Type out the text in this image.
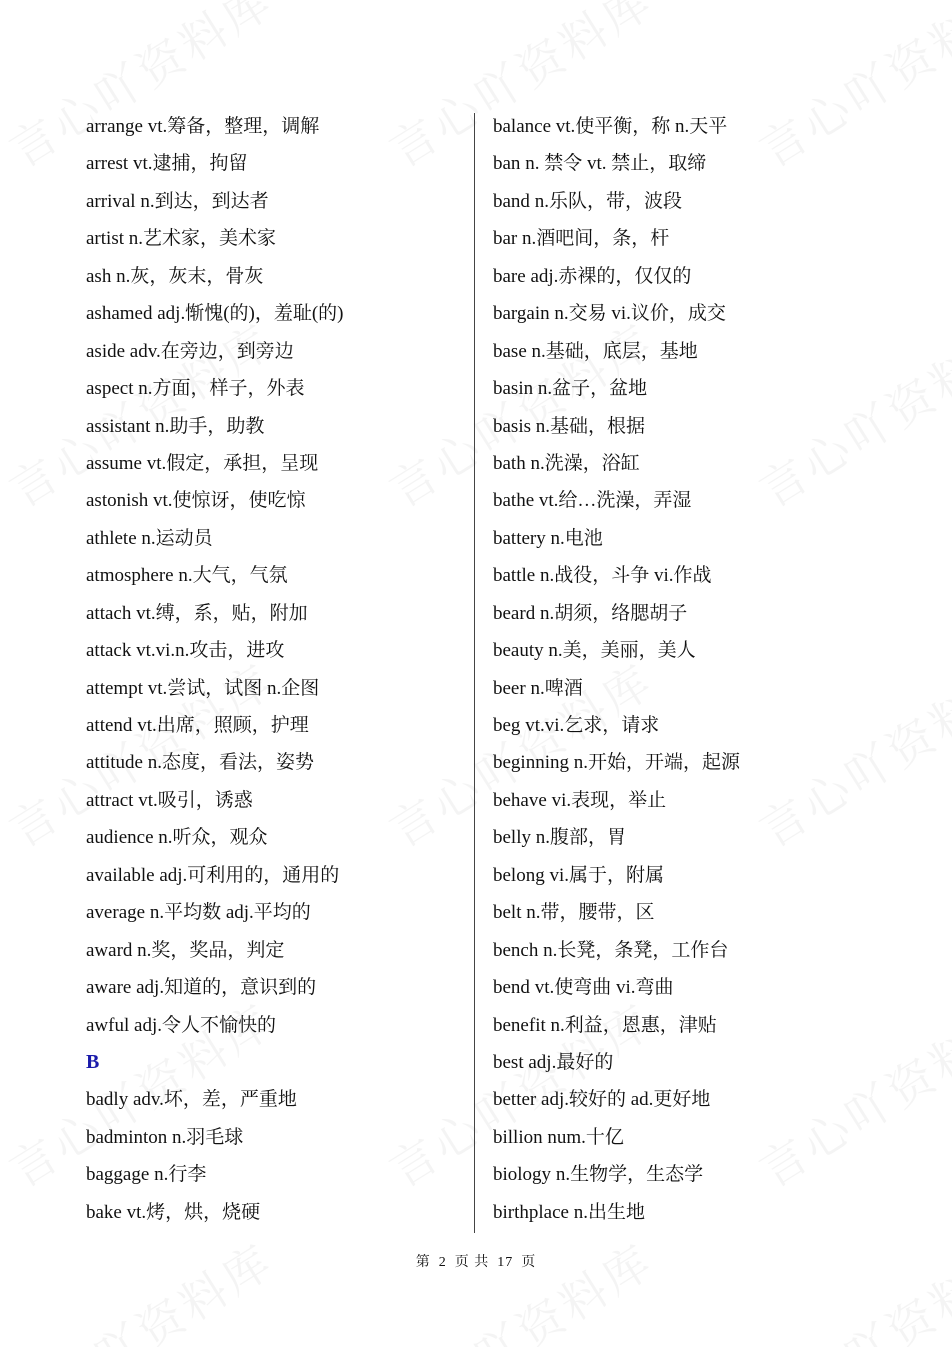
arrange vt.筹备，整理，调解
arrest vt.逮捕，拘留
arrival n.到达，到达者
artist n.艺术家，美术家
ash n.灰，灰末，骨灰
ashamed adj.惭愧(的)，羞耻(的)
aside adv.在旁边，到旁边
aspect n.方面，样子，外表
assistant n.助手，助教
assume vt.假定，承担，呈现
astonish vt.使惊讶，使吃惊
athlete n.运动员
atmosphere n.大气，气氛
attach vt.缚，系，贴，附加
attack vt.vi.n.攻击，进攻
attempt vt.尝试，试图 n.企图
attend vt.出席，照顾，护理
attitude n.态度，看法，姿势
attract vt.吸引，诱惑
audience n.听众，观众
available adj.可利用的，通用的
average n.平均数 adj.平均的
award n.奖，奖品，判定
aware adj.知道的，意识到的
awful adj.令人不愉快的
B
badly adv.坏，差，严重地
badminton n.羽毛球
baggage n.行李
bake vt.烤，烘，烧硬
balance vt.使平衡，称 n.天平
ban n. 禁令 vt. 禁止，取缔
band n.乐队，带，波段
bar n.酒吧间，条，杆
bare adj.赤裸的，仅仅的
bargain n.交易 vi.议价，成交
base n.基础，底层，基地
basin n.盆子，盆地
basis n.基础，根据
bath n.洗澡，浴缸
bathe vt.给…洗澡，弄湿
battery n.电池
battle n.战役，斗争 vi.作战
beard n.胡须，络腮胡子
beauty n.美，美丽，美人
beer n.啤酒
beg vt.vi.乞求，请求
beginning n.开始，开端，起源
behave vi.表现，举止
belly n.腹部，胃
belong vi.属于，附属
belt n.带，腰带，区
bench n.长凳，条凳，工作台
bend vt.使弯曲 vi.弯曲
benefit n.利益，恩惠，津贴
best adj.最好的
better adj.较好的 ad.更好地
billion num.十亿
biology n.生物学，生态学
birthplace n.出生地
第 2 页 共 17 页
